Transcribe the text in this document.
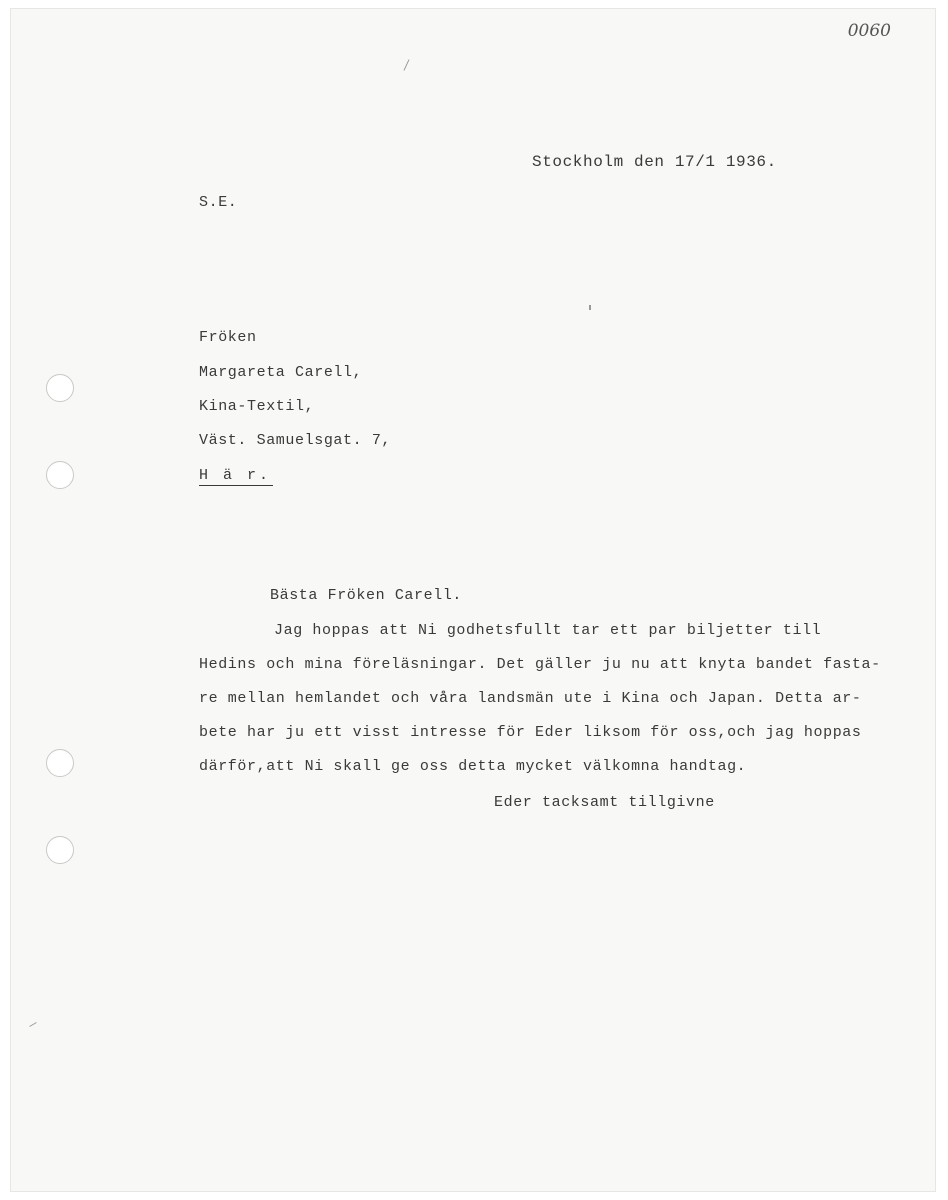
0060
Stockholm den 17/1 1936.
S.E.
Fröken
Margareta Carell,
Kina-Textil,
Väst. Samuelsgat. 7,
H ä r.
Bästa Fröken Carell.
Jag hoppas att Ni godhetsfullt tar ett par biljetter till
Hedins och mina föreläsningar. Det gäller ju nu att knyta bandet fasta-
re mellan hemlandet och våra landsmän ute i Kina och Japan. Detta ar-
bete har ju ett visst intresse för Eder liksom för oss,och jag hoppas
därför,att Ni skall ge oss detta mycket välkomna handtag.
Eder tacksamt tillgivne
